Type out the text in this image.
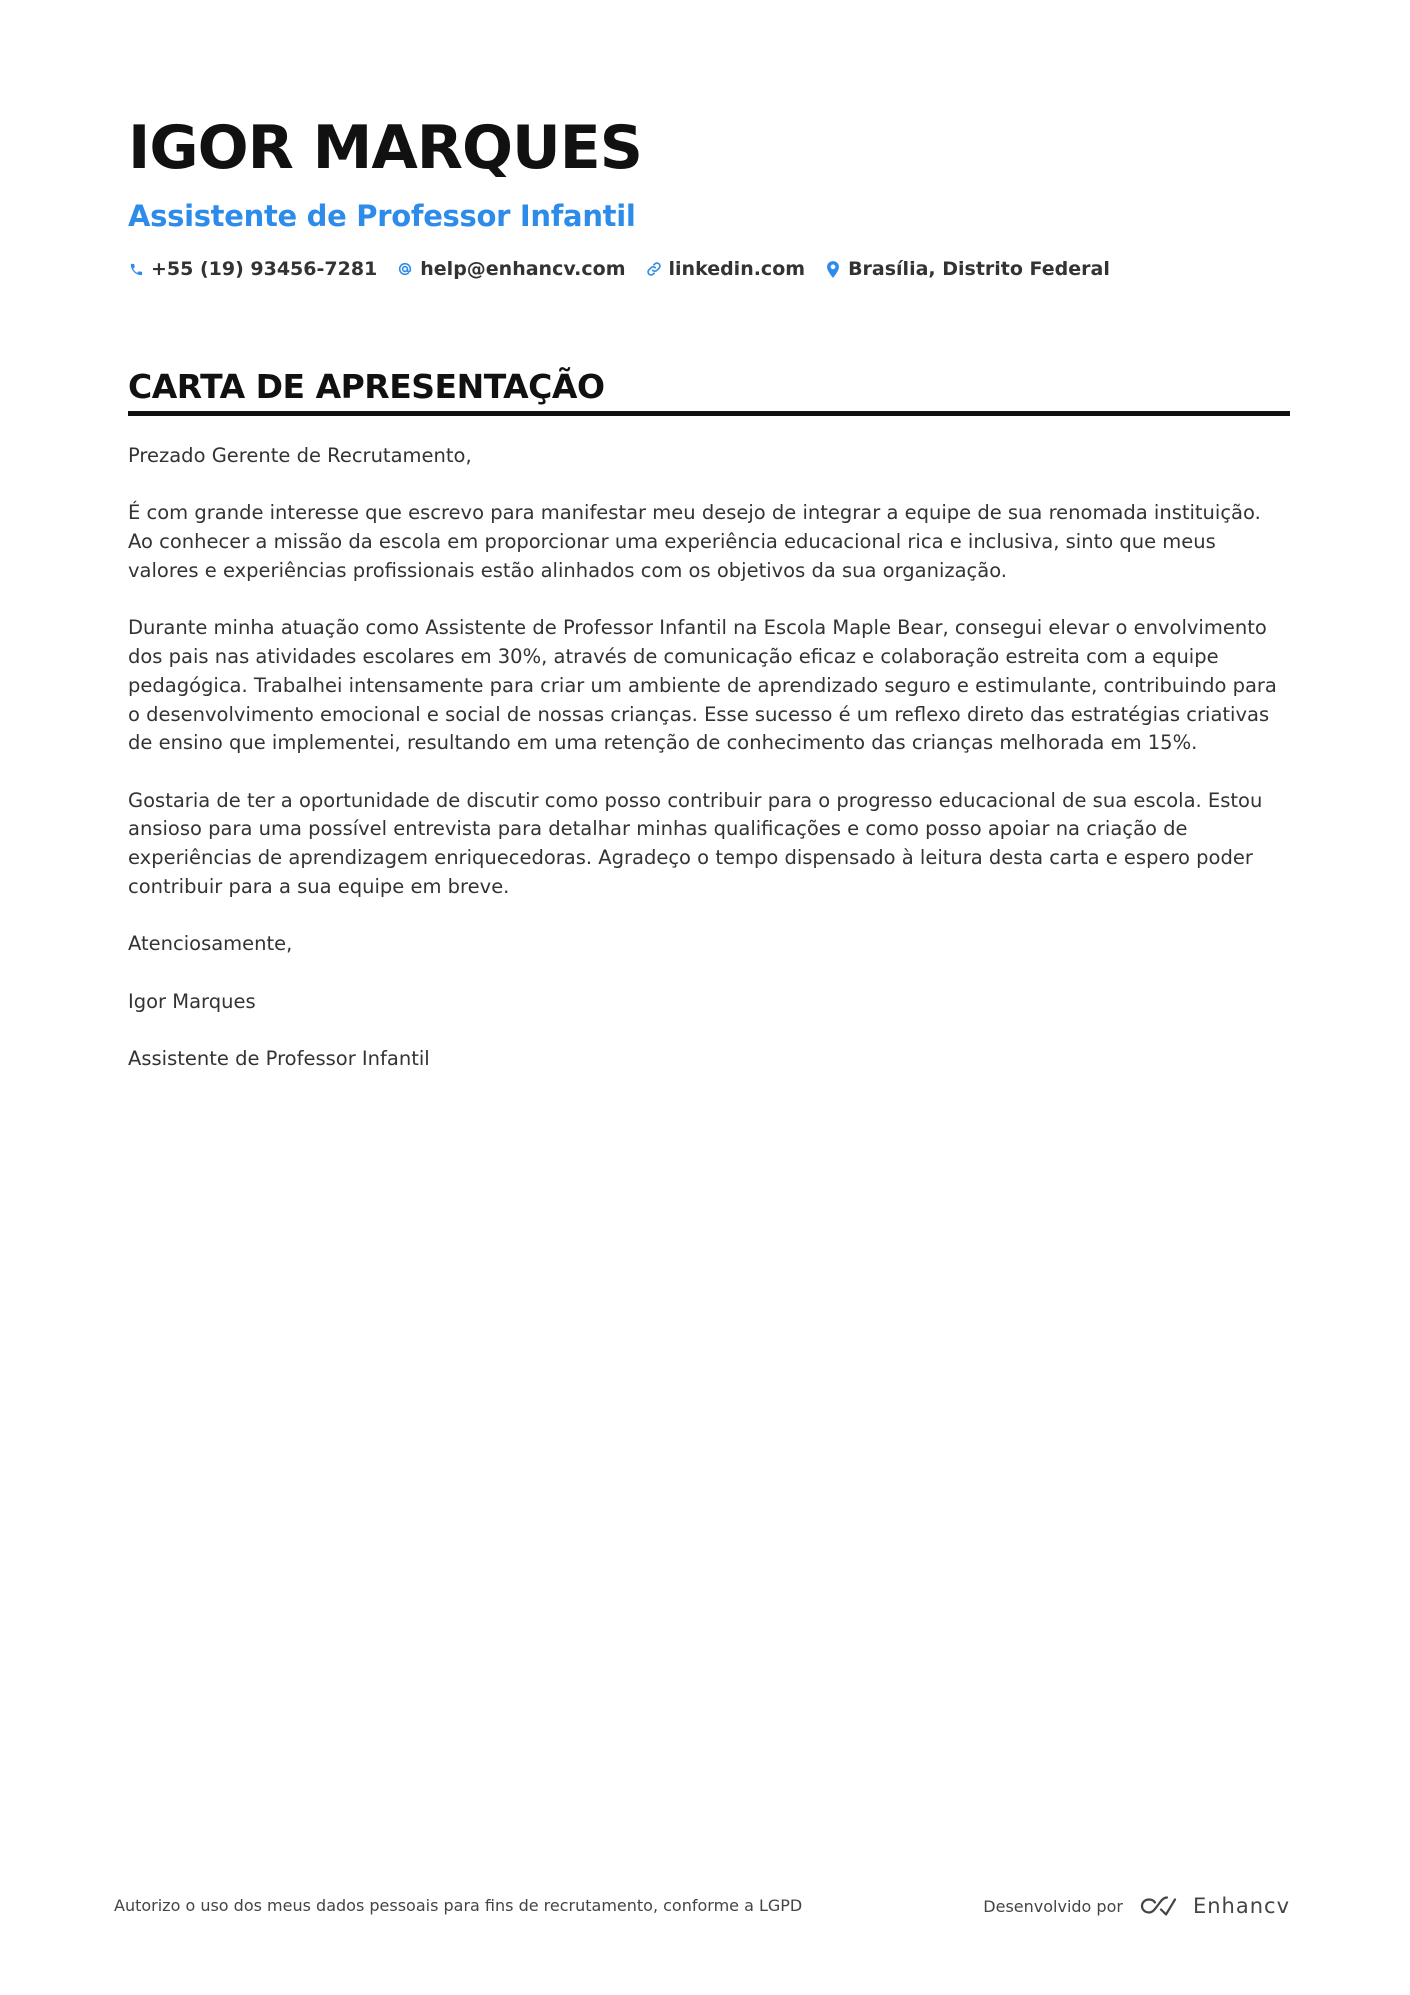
IGOR MARQUES
Assistente de Professor Infantil
+55 (19) 93456-7281 help@enhancv.com linkedin.com Brasília, Distrito Federal
CARTA DE APRESENTAÇÃO

Prezado Gerente de Recrutamento,

É com grande interesse que escrevo para manifestar meu desejo de integrar a equipe de sua renomada instituição. Ao conhecer a missão da escola em proporcionar uma experiência educacional rica e inclusiva, sinto que meus valores e experiências profissionais estão alinhados com os objetivos da sua organização.

Durante minha atuação como Assistente de Professor Infantil na Escola Maple Bear, consegui elevar o envolvimento dos pais nas atividades escolares em 30%, através de comunicação eficaz e colaboração estreita com a equipe pedagógica. Trabalhei intensamente para criar um ambiente de aprendizado seguro e estimulante, contribuindo para o desenvolvimento emocional e social de nossas crianças. Esse sucesso é um reflexo direto das estratégias criativas de ensino que implementei, resultando em uma retenção de conhecimento das crianças melhorada em 15%.

Gostaria de ter a oportunidade de discutir como posso contribuir para o progresso educacional de sua escola. Estou ansioso para uma possível entrevista para detalhar minhas qualificações e como posso apoiar na criação de experiências de aprendizagem enriquecedoras. Agradeço o tempo dispensado à leitura desta carta e espero poder contribuir para a sua equipe em breve.

Atenciosamente,

Igor Marques

Assistente de Professor Infantil

Autorizo o uso dos meus dados pessoais para fins de recrutamento, conforme a LGPD	Desenvolvido por	Enhancv
